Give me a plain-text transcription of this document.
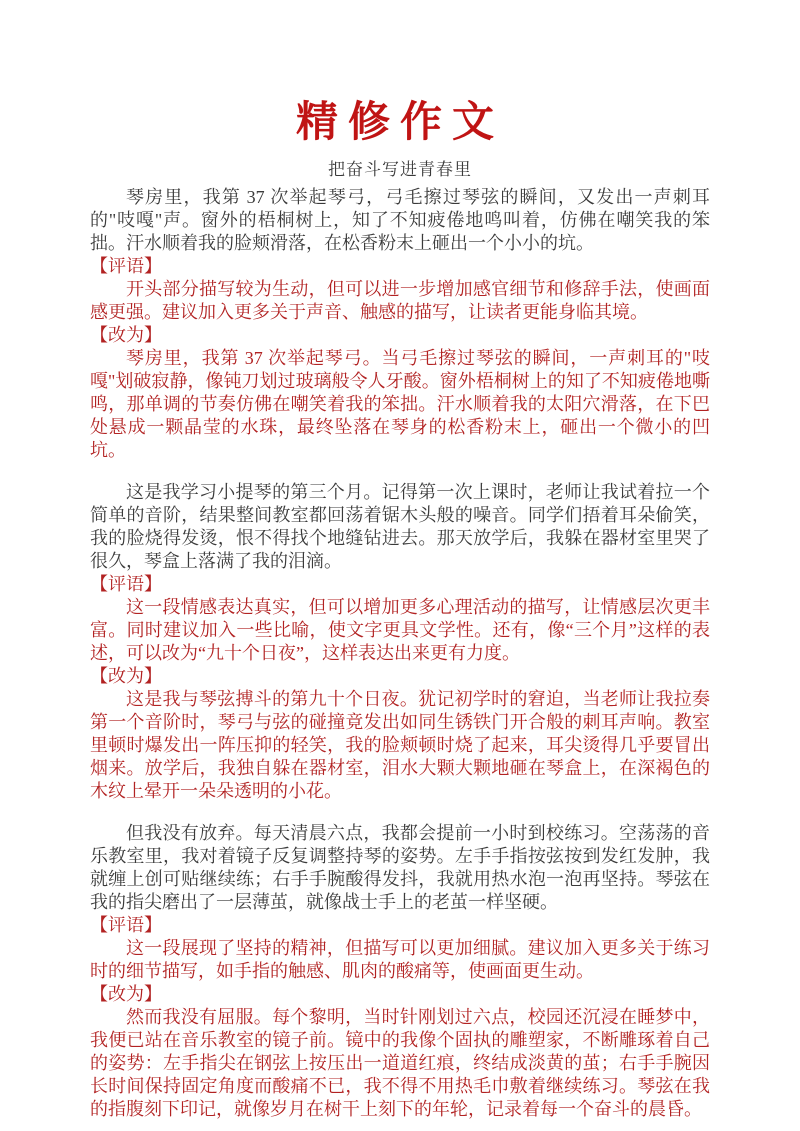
精修作文
把奋斗写进青春里

琴房里，我第 37 次举起琴弓，弓毛擦过琴弦的瞬间，又发出一声刺耳的"吱嘎"声。窗外的梧桐树上，知了不知疲倦地鸣叫着，仿佛在嘲笑我的笨拙。汗水顺着我的脸颊滑落，在松香粉末上砸出一个小小的坑。

【评语】

开头部分描写较为生动，但可以进一步增加感官细节和修辞手法，使画面感更强。建议加入更多关于声音、触感的描写，让读者更能身临其境。

【改为】

琴房里，我第 37 次举起琴弓。当弓毛擦过琴弦的瞬间，一声刺耳的"吱嘎"划破寂静，像钝刀划过玻璃般令人牙酸。窗外梧桐树上的知了不知疲倦地嘶鸣，那单调的节奏仿佛在嘲笑着我的笨拙。汗水顺着我的太阳穴滑落，在下巴处悬成一颗晶莹的水珠，最终坠落在琴身的松香粉末上，砸出一个微小的凹坑。

这是我学习小提琴的第三个月。记得第一次上课时，老师让我试着拉一个简单的音阶，结果整间教室都回荡着锯木头般的噪音。同学们捂着耳朵偷笑，我的脸烧得发烫，恨不得找个地缝钻进去。那天放学后，我躲在器材室里哭了很久，琴盒上落满了我的泪滴。

【评语】

这一段情感表达真实，但可以增加更多心理活动的描写，让情感层次更丰富。同时建议加入一些比喻，使文字更具文学性。还有，像“三个月”这样的表述，可以改为“九十个日夜”，这样表达出来更有力度。

【改为】

这是我与琴弦搏斗的第九十个日夜。犹记初学时的窘迫，当老师让我拉奏第一个音阶时，琴弓与弦的碰撞竟发出如同生锈铁门开合般的刺耳声响。教室里顿时爆发出一阵压抑的轻笑，我的脸颊顿时烧了起来，耳尖烫得几乎要冒出烟来。放学后，我独自躲在器材室，泪水大颗大颗地砸在琴盒上，在深褐色的木纹上晕开一朵朵透明的小花。

但我没有放弃。每天清晨六点，我都会提前一小时到校练习。空荡荡的音乐教室里，我对着镜子反复调整持琴的姿势。左手手指按弦按到发红发肿，我就缠上创可贴继续练；右手手腕酸得发抖，我就用热水泡一泡再坚持。琴弦在我的指尖磨出了一层薄茧，就像战士手上的老茧一样坚硬。

【评语】

这一段展现了坚持的精神，但描写可以更加细腻。建议加入更多关于练习时的细节描写，如手指的触感、肌肉的酸痛等，使画面更生动。

【改为】

然而我没有屈服。每个黎明，当时针刚划过六点，校园还沉浸在睡梦中，我便已站在音乐教室的镜子前。镜中的我像个固执的雕塑家，不断雕琢着自己的姿势：左手指尖在钢弦上按压出一道道红痕，终结成淡黄的茧；右手手腕因长时间保持固定角度而酸痛不已，我不得不用热毛巾敷着继续练习。琴弦在我的指腹刻下印记，就像岁月在树干上刻下的年轮，记录着每一个奋斗的晨昏。
